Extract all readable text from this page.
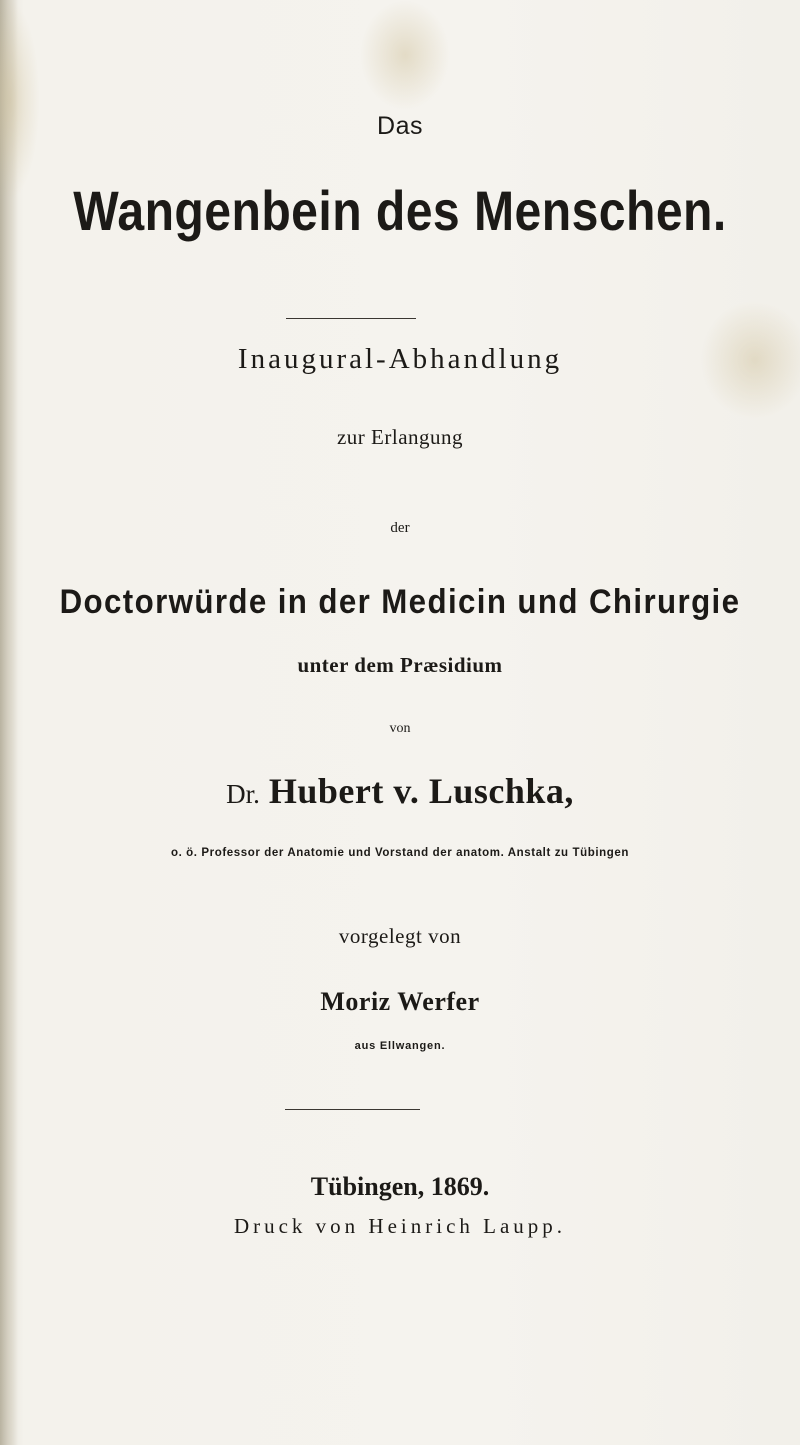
Das
Wangenbein des Menschen.
Inaugural-Abhandlung
zur Erlangung
der
Doctorwürde in der Medicin und Chirurgie
unter dem Præsidium
von
Dr. Hubert v. Luschka,
o. ö. Professor der Anatomie und Vorstand der anatom. Anstalt zu Tübingen
vorgelegt von
Moriz Werfer
aus Ellwangen.
Tübingen, 1869.
Druck von Heinrich Laupp.
